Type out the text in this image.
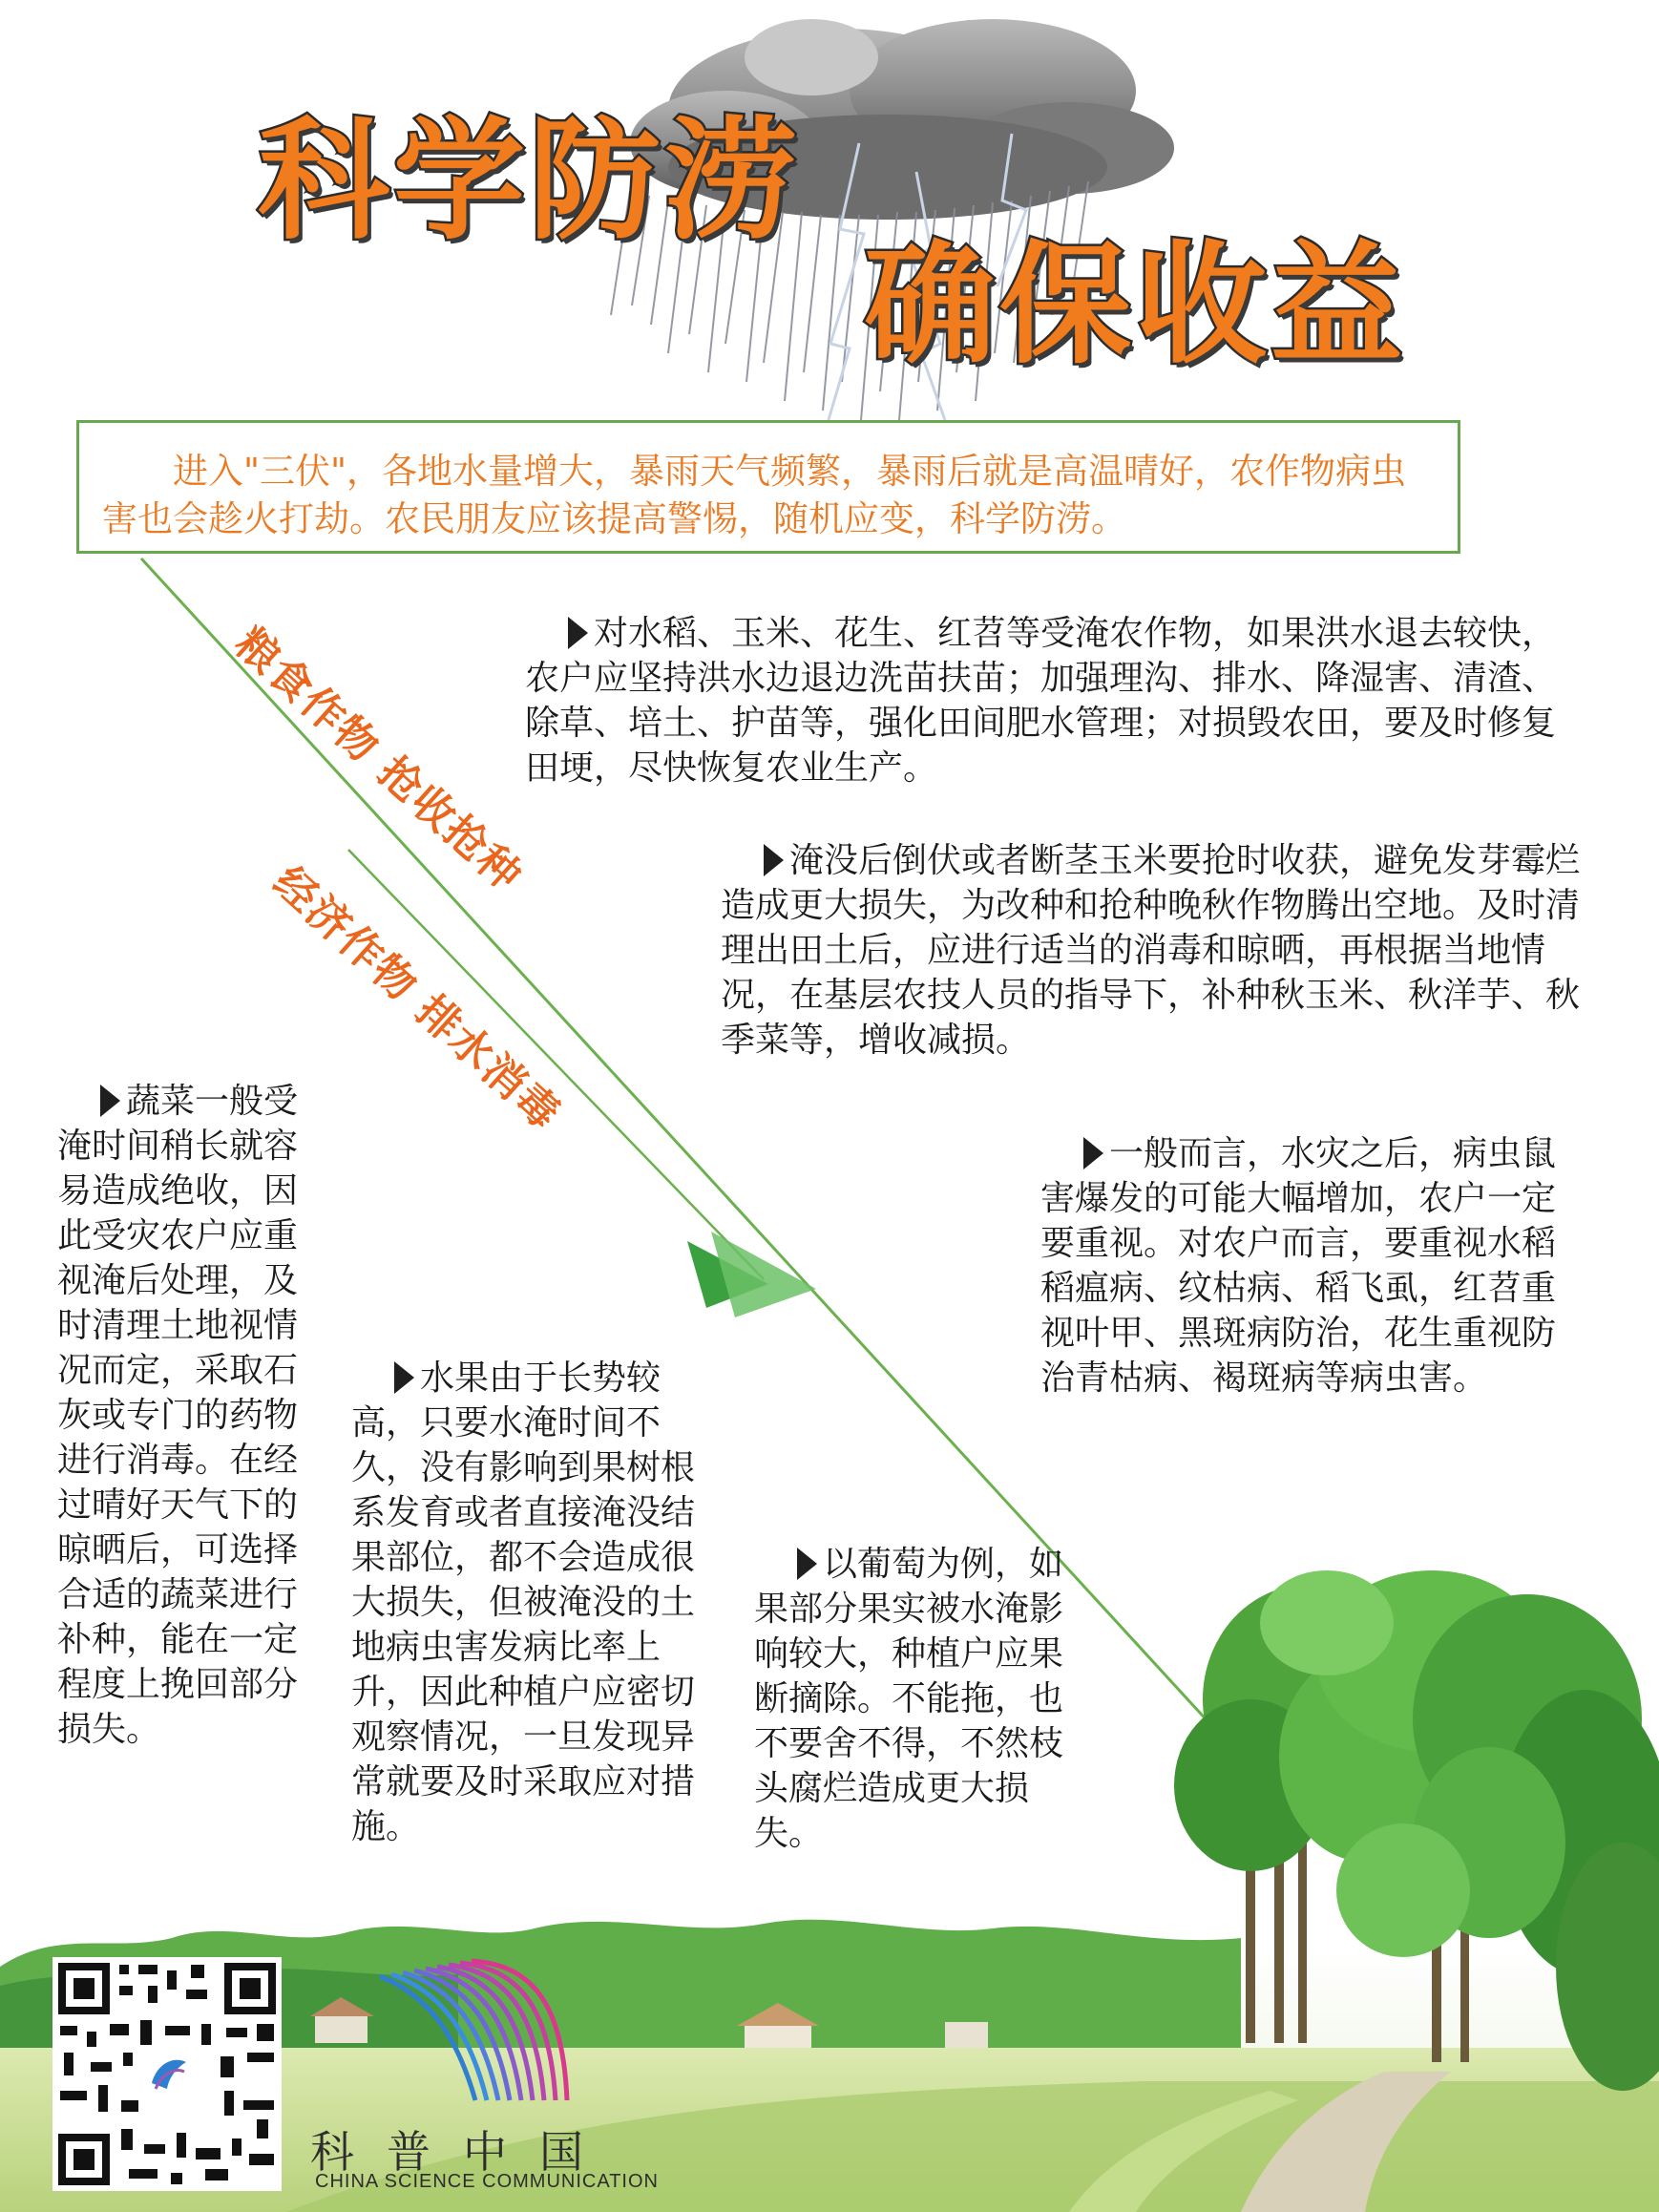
科学防涝
确保收益

进入"三伏"，各地水量增大，暴雨天气频繁，暴雨后就是高温晴好，农作物病虫害也会趁火打劫。农民朋友应该提高警惕，随机应变，科学防涝。

粮食作物 抢收抢种
经济作物 排水消毒

对水稻、玉米、花生、红苕等受淹农作物，如果洪水退去较快，农户应坚持洪水边退边洗苗扶苗；加强理沟、排水、降湿害、清渣、除草、培土、护苗等，强化田间肥水管理；对损毁农田，要及时修复田埂，尽快恢复农业生产。

淹没后倒伏或者断茎玉米要抢时收获，避免发芽霉烂造成更大损失，为改种和抢种晚秋作物腾出空地。及时清理出田土后，应进行适当的消毒和晾晒，再根据当地情况，在基层农技人员的指导下，补种秋玉米、秋洋芋、秋季菜等，增收减损。

一般而言，水灾之后，病虫鼠害爆发的可能大幅增加，农户一定要重视。对农户而言，要重视水稻稻瘟病、纹枯病、稻飞虱，红苕重视叶甲、黑斑病防治，花生重视防治青枯病、褐斑病等病虫害。

蔬菜一般受淹时间稍长就容易造成绝收，因此受灾农户应重视淹后处理，及时清理土地视情况而定，采取石灰或专门的药物进行消毒。在经过晴好天气下的晾晒后，可选择合适的蔬菜进行补种，能在一定程度上挽回部分损失。

水果由于长势较高，只要水淹时间不久，没有影响到果树根系发育或者直接淹没结果部位，都不会造成很大损失，但被淹没的土地病虫害发病比率上升，因此种植户应密切观察情况，一旦发现异常就要及时采取应对措施。

以葡萄为例，如果部分果实被水淹影响较大，种植户应果断摘除。不能拖，也不要舍不得，不然枝头腐烂造成更大损失。

科普中国
CHINA SCIENCE COMMUNICATION
